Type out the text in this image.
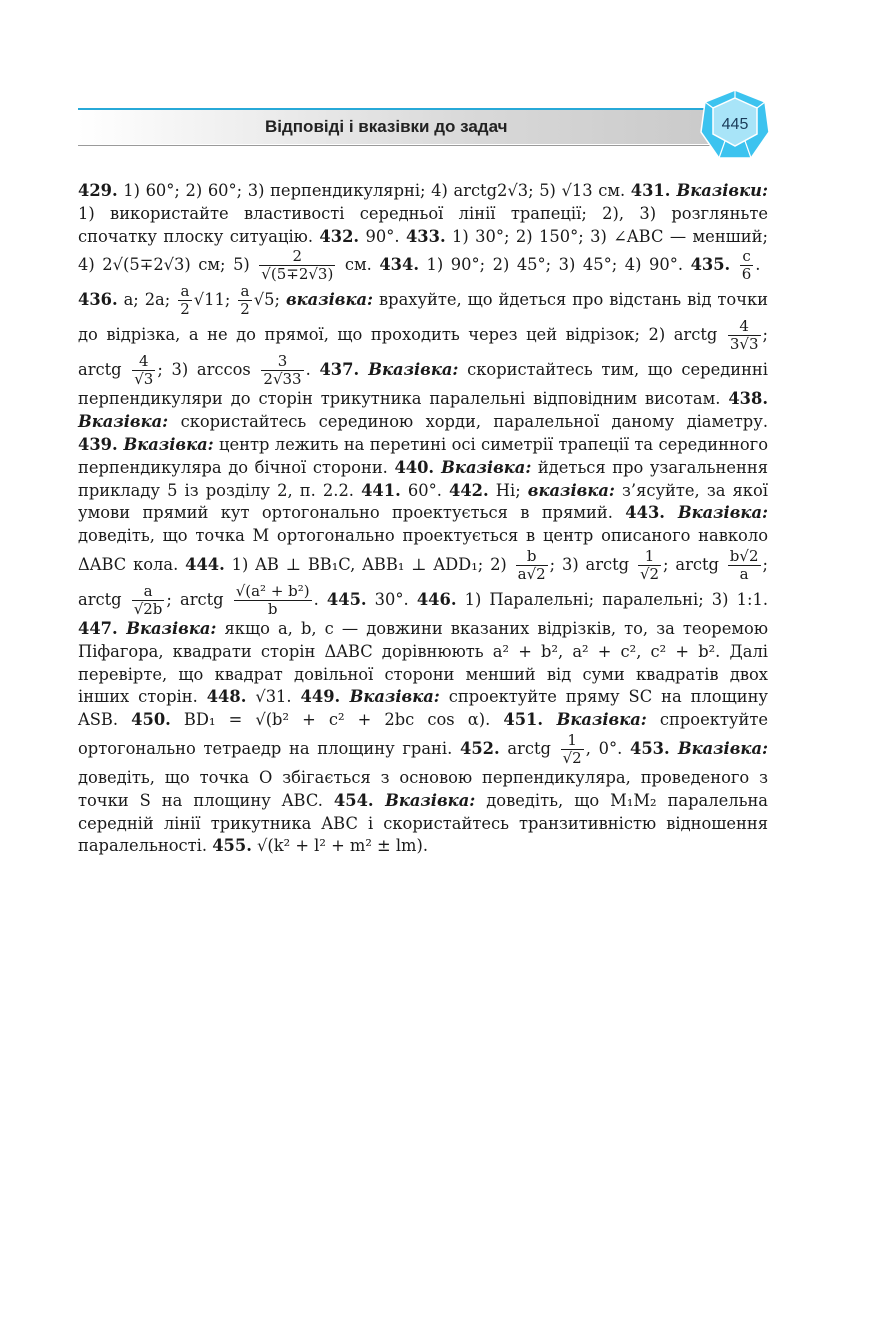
Відповіді і вказівки до задач	445

429. 1) 60°; 2) 60°; 3) перпендикулярні; 4) arctg2√3; 5) √13 см. 431. Вказівки: 1) використайте властивості середньої лінії трапеції; 2), 3) розгляньте спочатку плоску ситуацію. 432. 90°. 433. 1) 30°; 2) 150°; 3) ∠ABC — менший; 4) 2√(5∓2√3) см; $5) \frac{2}{√(5\mp 2√3)}$ см. 434. 1) 90°; 2) 45°; 3) 45°; 4) 90°. 435. $\frac{c}{6}$ .  436. a; 2a; $\frac{a}{2} √11$; $\frac{a}{2} √5$; вказівка: врахуйте, що йдеться про відстань від точки до відрізка, а не до прямої, що проходить через цей відрізок; 2) arctg $\frac{4}{3√3}$ ; arctg $\frac{4}{√3}$ ; 3) $\arccos \frac{3}{2√33}$ . 437. Вказівка: скористайтесь тим, що серединні перпендикуляри до сторін трикутника паралельні відповідним висотам. 438. Вказівка: скористайтесь серединою хорди, паралельної даному діаметру. 439. Вказівка: центр лежить на перетині осі симетрії трапеції та серединного перпендикуляра до бічної сторони. 440. Вказівка: йдеться про узагальнення прикладу 5 із розділу 2, п. 2.2. 441. 60°. 442. Ні; вказівка: з’ясуйте, за якої умови прямий кут ортогонально проектується в прямий. 443. Вказівка: доведіть, що точка M ортогонально проектується в центр описаного навколо ΔABC кола. 444. 1) AB ⊥ BB₁C, ABB₁ ⊥ ADD₁; $2) \frac{b}{a√2}$ ; 3) arctg $\frac{1}{√2}$ ; arctg $\frac{b√2}{a}$ ; arctg $\frac{a}{√2b}$ ; arctg $\frac{\text{√(a² + b²)}}{b}$ . 445. 30°. 446. 1) Паралельні; паралельні; 3) 1:1. 447. Вказівка: якщо a, b, c — довжини вказаних відрізків, то, за теоремою Піфагора, квадрати сторін ΔABC дорівнюють a² + b², a² + c², c² + b². Далі перевірте, що квадрат довільної сторони менший від суми квадратів двох інших сторін. 448. √31. 449. Вказівка: спроектуйте пряму SC на площину ASB. 450. BD₁ = √(b² + c² + 2bc cos α). 451. Вказівка: спроектуйте ортогонально тетраедр на площину грані. 452. arctg $\frac{1}{√2}$ , 0°. 453. Вказівка: доведіть, що точка O збігається з основою перпендикуляра, проведеного з точки S на площину ABC. 454. Вказівка: доведіть, що M₁M₂ паралельна середній лінії трикутника ABC і скористайтесь транзитивністю відношення паралельності. 455. √(k² + l² + m² ± lm).
